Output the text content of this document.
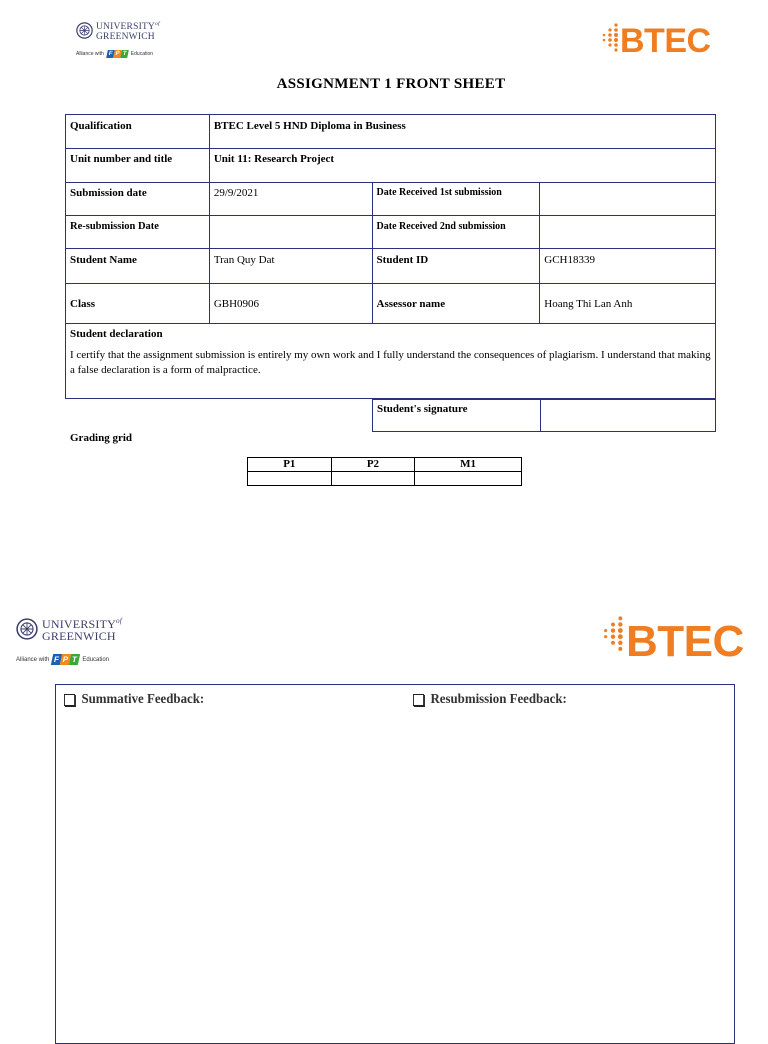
$UNIVERSITY^{of}$
GREENWICH
Alliance with F P T Education	BTEC
ASSIGNMENT 1 FRONT SHEET
Qualification	BTEC Level 5 HND Diploma in Business		
Unit number and title	Unit 11: Research Project		
Submission date	29/9/2021	Date Received 1st submission	
Re-submission Date		Date Received 2nd submission	
Student Name	Tran Quy Dat	Student ID	GCH18339
Class	GBH0906	Assessor name	Hoang Thi Lan Anh

Student declaration
I certify that the assignment submission is entirely my own work and I fully understand the consequences of plagiarism. I understand that making a false declaration is a form of malpractice.			
Student's signature	
Grading grid
P1	P2	M1

$UNIVERSITY^{of}$
GREENWICH
Alliance with F P T Education	BTEC
Summative Feedback:	Resubmission Feedback:
